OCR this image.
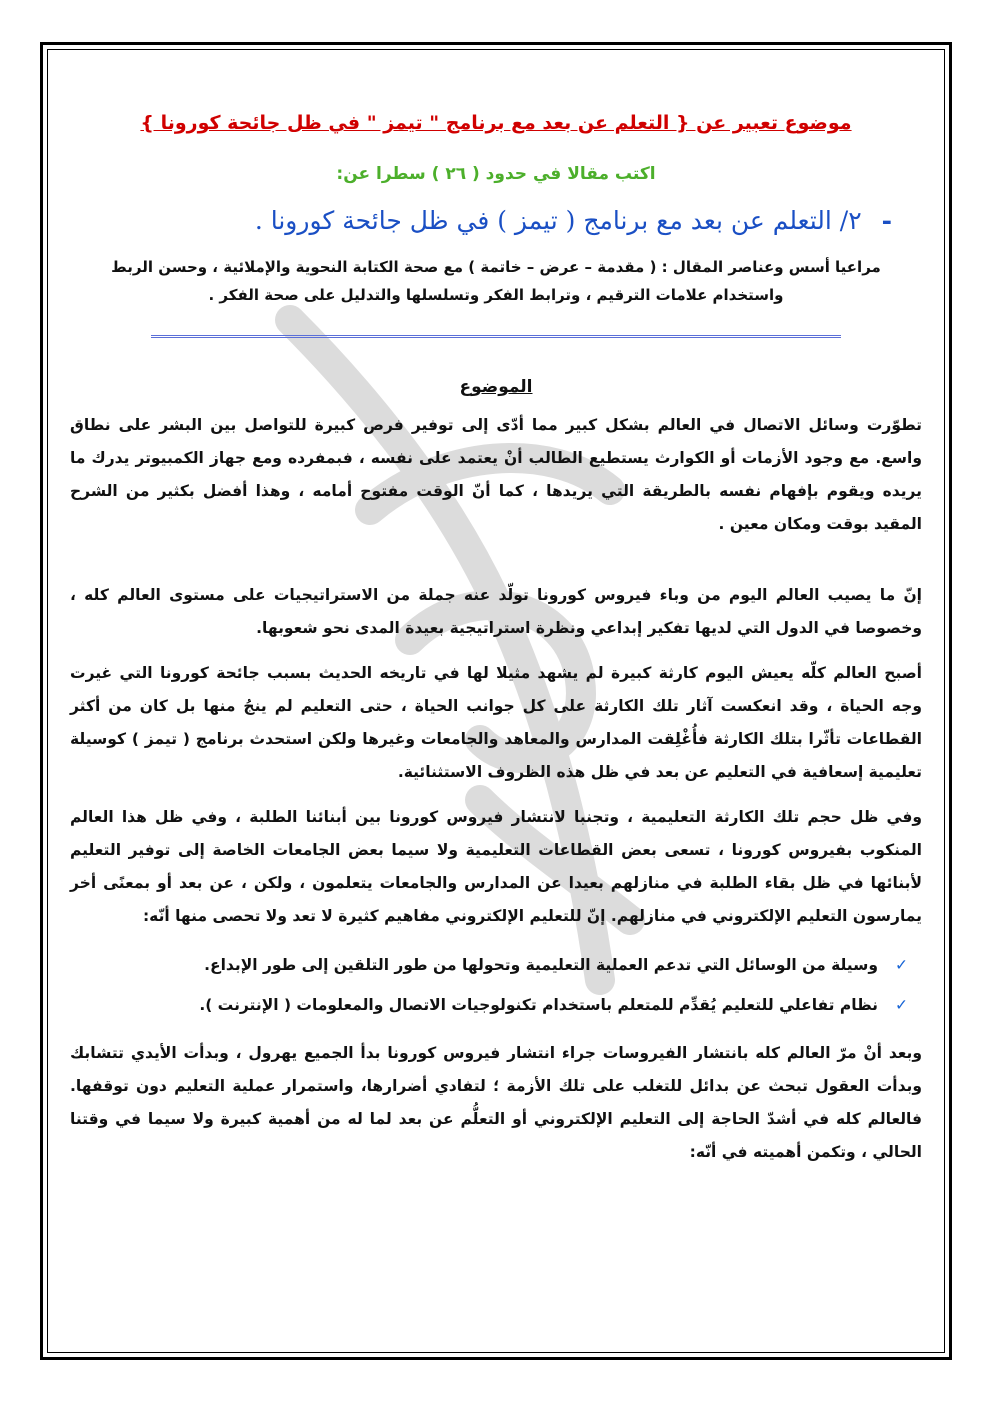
موضوع تعبير عن { التعلم عن بعد مع برنامج " تيمز " في ظل جائحة كورونا }
اكتب مقالا في حدود ( ٢٦ ) سطرا عن:
- ٢/ التعلم عن بعد مع برنامج ( تيمز ) في ظل جائحة كورونا .
مراعيا أسس وعناصر المقال : ( مقدمة – عرض – خاتمة ) مع صحة الكتابة النحوية والإملائية ، وحسن الربط
واستخدام علامات الترقيم ، وترابط الفكر وتسلسلها والتدليل على صحة الفكر .
الموضوع

تطوّرت وسائل الاتصال في العالم بشكل كبير مما أدّى إلى توفير فرص كبيرة للتواصل بين البشر على نطاق واسع. مع وجود الأزمات أو الكوارث يستطيع الطالب أنْ يعتمد على نفسه ، فبمفرده ومع جهاز الكمبيوتر يدرك ما يريده ويقوم بإفهام نفسه بالطريقة التي يريدها ، كما أنّ الوقت مفتوح أمامه ، وهذا أفضل بكثير من الشرح المقيد بوقت ومكان معين .

إنّ ما يصيب العالم اليوم من وباء فيروس كورونا تولّد عنه جملة من الاستراتيجيات على مستوى العالم كله ، وخصوصا في الدول التي لديها تفكير إبداعي ونظرة استراتيجية بعيدة المدى نحو شعوبها.

أصبح العالم كلّه يعيش اليوم كارثة كبيرة لم يشهد مثيلا لها في تاريخه الحديث بسبب جائحة كورونا التي غيرت وجه الحياة ، وقد انعكست آثار تلك الكارثة على كل جوانب الحياة ، حتى التعليم لم ينجُ منها بل كان من أكثر القطاعات تأثّرا بتلك الكارثة فأُغْلِقت المدارس والمعاهد والجامعات وغيرها ولكن استحدث برنامج ( تيمز ) كوسيلة تعليمية إسعافية في التعليم عن بعد في ظل هذه الظروف الاستثنائية.

وفي ظل حجم تلك الكارثة التعليمية ، وتجنبا لانتشار فيروس كورونا بين أبنائنا الطلبة ، وفي ظل هذا العالم المنكوب بفيروس كورونا ، تسعى بعض القطاعات التعليمية ولا سيما بعض الجامعات الخاصة إلى توفير التعليم لأبنائها في ظل بقاء الطلبة في منازلهم بعيدا عن المدارس والجامعات يتعلمون ، ولكن ، عن بعد أو بمعنًى أخر يمارسون التعليم الإلكتروني في منازلهم. إنّ للتعليم الإلكتروني مفاهيم كثيرة لا تعد ولا تحصى منها أنّه:

✓
وسيلة من الوسائل التي تدعم العملية التعليمية وتحولها من طور التلقين إلى طور الإبداع.
✓
نظام تفاعلي للتعليم يُقدِّم للمتعلم باستخدام تكنولوجيات الاتصال والمعلومات ( الإنترنت ).

وبعد أنْ مرّ العالم كله بانتشار الفيروسات جراء انتشار فيروس كورونا بدأ الجميع يهرول ، وبدأت الأيدي تتشابك وبدأت العقول تبحث عن بدائل للتغلب على تلك الأزمة ؛ لتفادي أضرارها، واستمرار عملية التعليم دون توقفها. فالعالم كله في أشدّ الحاجة إلى التعليم الإلكتروني أو التعلُّم عن بعد لما له من أهمية كبيرة ولا سيما في وقتنا الحالي ، وتكمن أهميته في أنّه:
